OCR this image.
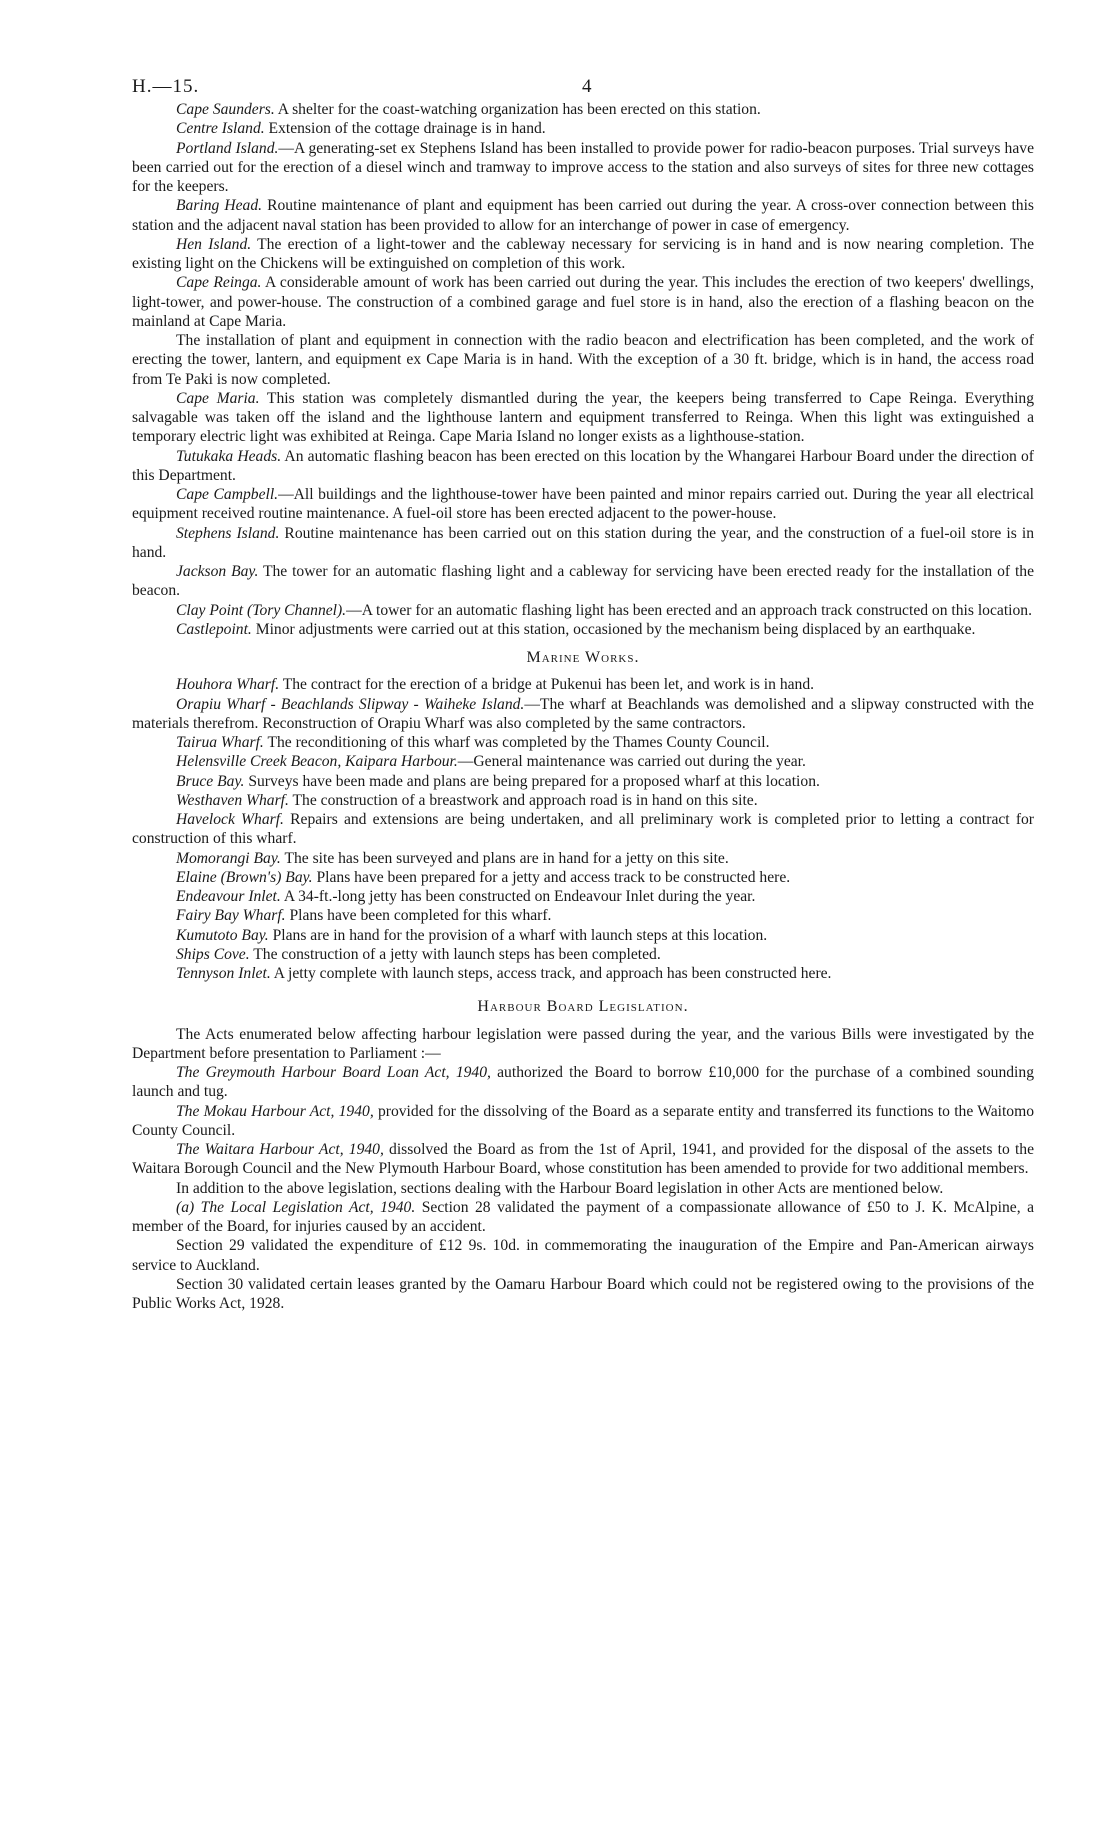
H.—15.	4

Cape Saunders. A shelter for the coast-watching organization has been erected on this station.

Centre Island. Extension of the cottage drainage is in hand.

Portland Island.—A generating-set ex Stephens Island has been installed to provide power for radio-beacon purposes. Trial surveys have been carried out for the erection of a diesel winch and tramway to improve access to the station and also surveys of sites for three new cottages for the keepers.

Baring Head. Routine maintenance of plant and equipment has been carried out during the year. A cross-over connection between this station and the adjacent naval station has been provided to allow for an interchange of power in case of emergency.

Hen Island. The erection of a light-tower and the cableway necessary for servicing is in hand and is now nearing completion. The existing light on the Chickens will be extinguished on completion of this work.

Cape Reinga. A considerable amount of work has been carried out during the year. This includes the erection of two keepers' dwellings, light-tower, and power-house. The construction of a combined garage and fuel store is in hand, also the erection of a flashing beacon on the mainland at Cape Maria.

The installation of plant and equipment in connection with the radio beacon and electrification has been completed, and the work of erecting the tower, lantern, and equipment ex Cape Maria is in hand. With the exception of a 30 ft. bridge, which is in hand, the access road from Te Paki is now completed.

Cape Maria. This station was completely dismantled during the year, the keepers being transferred to Cape Reinga. Everything salvagable was taken off the island and the lighthouse lantern and equipment transferred to Reinga. When this light was extinguished a temporary electric light was exhibited at Reinga. Cape Maria Island no longer exists as a lighthouse-station.

Tutukaka Heads. An automatic flashing beacon has been erected on this location by the Whangarei Harbour Board under the direction of this Department.

Cape Campbell.—All buildings and the lighthouse-tower have been painted and minor repairs carried out. During the year all electrical equipment received routine maintenance. A fuel-oil store has been erected adjacent to the power-house.

Stephens Island. Routine maintenance has been carried out on this station during the year, and the construction of a fuel-oil store is in hand.

Jackson Bay. The tower for an automatic flashing light and a cableway for servicing have been erected ready for the installation of the beacon.

Clay Point (Tory Channel).—A tower for an automatic flashing light has been erected and an approach track constructed on this location.

Castlepoint. Minor adjustments were carried out at this station, occasioned by the mechanism being displaced by an earthquake.

Marine Works.

Houhora Wharf. The contract for the erection of a bridge at Pukenui has been let, and work is in hand.

Orapiu Wharf - Beachlands Slipway - Waiheke Island.—The wharf at Beachlands was demolished and a slipway constructed with the materials therefrom. Reconstruction of Orapiu Wharf was also completed by the same contractors.

Tairua Wharf. The reconditioning of this wharf was completed by the Thames County Council.

Helensville Creek Beacon, Kaipara Harbour.—General maintenance was carried out during the year.

Bruce Bay. Surveys have been made and plans are being prepared for a proposed wharf at this location.

Westhaven Wharf. The construction of a breastwork and approach road is in hand on this site.

Havelock Wharf. Repairs and extensions are being undertaken, and all preliminary work is completed prior to letting a contract for construction of this wharf.

Momorangi Bay. The site has been surveyed and plans are in hand for a jetty on this site.

Elaine (Brown's) Bay. Plans have been prepared for a jetty and access track to be constructed here.

Endeavour Inlet. A 34-ft.-long jetty has been constructed on Endeavour Inlet during the year.

Fairy Bay Wharf. Plans have been completed for this wharf.

Kumutoto Bay. Plans are in hand for the provision of a wharf with launch steps at this location.

Ships Cove. The construction of a jetty with launch steps has been completed.

Tennyson Inlet. A jetty complete with launch steps, access track, and approach has been constructed here.

Harbour Board Legislation.

The Acts enumerated below affecting harbour legislation were passed during the year, and the various Bills were investigated by the Department before presentation to Parliament :—

The Greymouth Harbour Board Loan Act, 1940, authorized the Board to borrow £10,000 for the purchase of a combined sounding launch and tug.

The Mokau Harbour Act, 1940, provided for the dissolving of the Board as a separate entity and transferred its functions to the Waitomo County Council.

The Waitara Harbour Act, 1940, dissolved the Board as from the 1st of April, 1941, and provided for the disposal of the assets to the Waitara Borough Council and the New Plymouth Harbour Board, whose constitution has been amended to provide for two additional members.

In addition to the above legislation, sections dealing with the Harbour Board legislation in other Acts are mentioned below.

(a) The Local Legislation Act, 1940. Section 28 validated the payment of a compassionate allowance of £50 to J. K. McAlpine, a member of the Board, for injuries caused by an accident.

Section 29 validated the expenditure of £12 9s. 10d. in commemorating the inauguration of the Empire and Pan-American airways service to Auckland.

Section 30 validated certain leases granted by the Oamaru Harbour Board which could not be registered owing to the provisions of the Public Works Act, 1928.
